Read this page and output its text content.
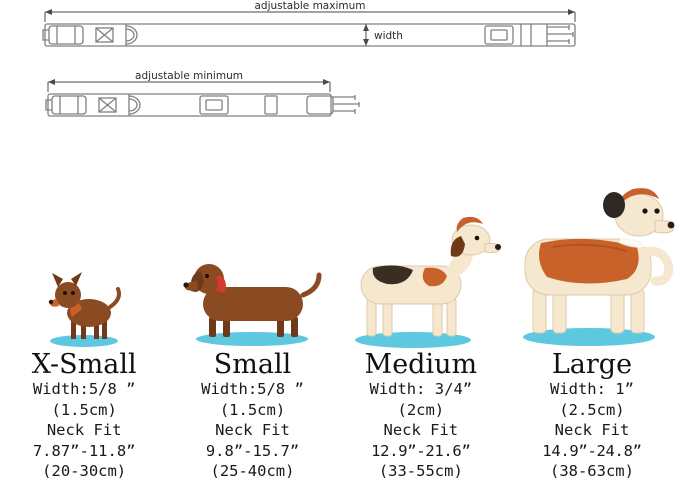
width
adjustable maximum
adjustable minimum
X-Small
Width:5/8 ”
(1.5cm)
Neck Fit
7.87”-11.8”
(20-30cm)
Small
Width:5/8 ”
(1.5cm)
Neck Fit
9.8”-15.7”
(25-40cm)
Medium
Width: 3/4”
(2cm)
Neck Fit
12.9”-21.6”
(33-55cm)
Large
Width: 1”
(2.5cm)
Neck Fit
14.9”-24.8”
(38-63cm)
